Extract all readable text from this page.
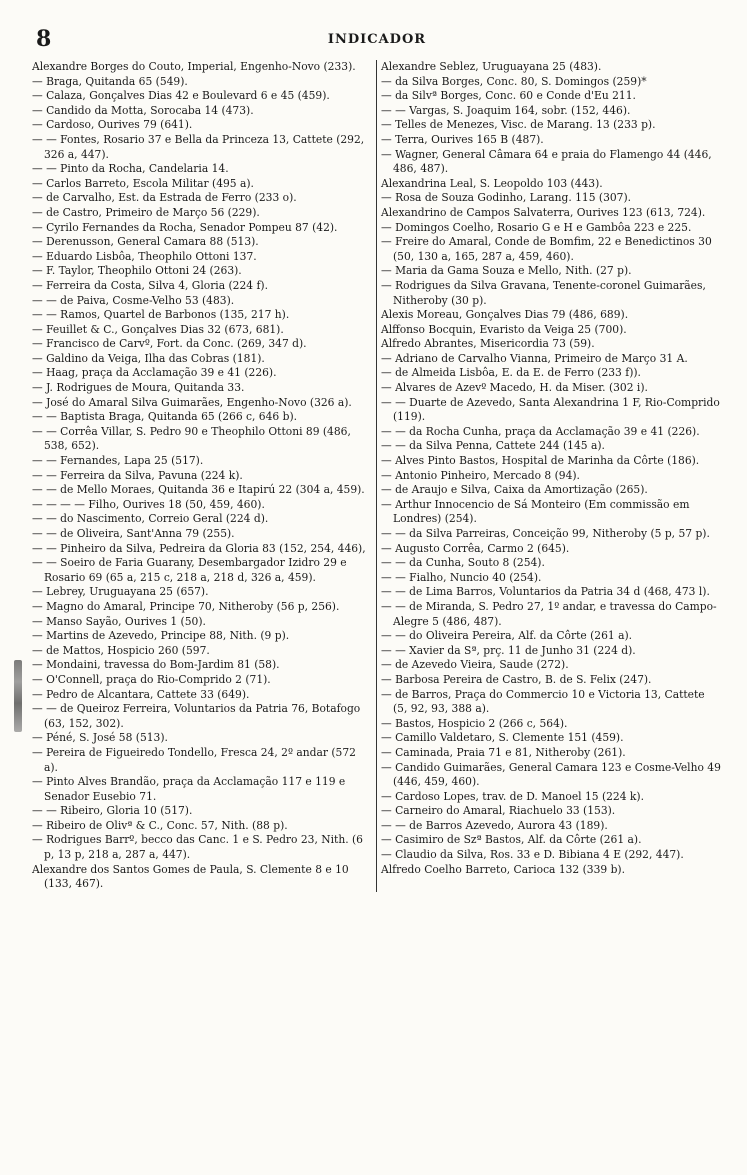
8	INDICADOR
Alexandre Borges do Couto, Imperial, Engenho-Novo (233).
— Braga, Quitanda 65 (549).
— Calaza, Gonçalves Dias 42 e Boulevard 6 e 45 (459).
— Candido da Motta, Sorocaba 14 (473).
— Cardoso, Ourives 79 (641).
— — Fontes, Rosario 37 e Bella da Princeza 13, Cattete (292, 326 a, 447).
— — Pinto da Rocha, Candelaria 14.
— Carlos Barreto, Escola Militar (495 a).
— de Carvalho, Est. da Estrada de Ferro (233 o).
— de Castro, Primeiro de Março 56 (229).
— Cyrilo Fernandes da Rocha, Senador Pompeu 87 (42).
— Derenusson, General Camara 88 (513).
— Eduardo Lisbôa, Theophilo Ottoni 137.
— F. Taylor, Theophilo Ottoni 24 (263).
— Ferreira da Costa, Silva 4, Gloria (224 f).
— — de Paiva, Cosme-Velho 53 (483).
— — Ramos, Quartel de Barbonos (135, 217 h).
— Feuillet & C., Gonçalves Dias 32 (673, 681).
— Francisco de Carvº, Fort. da Conc. (269, 347 d).
— Galdino da Veiga, Ilha das Cobras (181).
— Haag, praça da Acclamação 39 e 41 (226).
— J. Rodrigues de Moura, Quitanda 33.
— José do Amaral Silva Guimarães, Engenho-Novo (326 a).
— — Baptista Braga, Quitanda 65 (266 c, 646 b).
— — Corrêa Villar, S. Pedro 90 e Theophilo Ottoni 89 (486, 538, 652).
— — Fernandes, Lapa 25 (517).
— — Ferreira da Silva, Pavuna (224 k).
— — de Mello Moraes, Quitanda 36 e Itapirú 22 (304 a, 459).
— — — — Filho, Ourives 18 (50, 459, 460).
— — do Nascimento, Correio Geral (224 d).
— — de Oliveira, Sant'Anna 79 (255).
— — Pinheiro da Silva, Pedreira da Gloria 83 (152, 254, 446),
— — Soeiro de Faria Guarany, Desembargador Izidro 29 e Rosario 69 (65 a, 215 c, 218 a, 218 d, 326 a, 459).
— Lebrey, Uruguayana 25 (657).
— Magno do Amaral, Principe 70, Nitheroby (56 p, 256).
— Manso Sayão, Ourives 1 (50).
— Martins de Azevedo, Principe 88, Nith. (9 p).
— de Mattos, Hospicio 260 (597.
— Mondaini, travessa do Bom-Jardim 81 (58).
— O'Connell, praça do Rio-Comprido 2 (71).
— Pedro de Alcantara, Cattete 33 (649).
— — de Queiroz Ferreira, Voluntarios da Patria 76, Botafogo (63, 152, 302).
— Péné, S. José 58 (513).
— Pereira de Figueiredo Tondello, Fresca 24, 2º andar (572 a).
— Pinto Alves Brandão, praça da Acclamação 117 e 119 e Senador Eusebio 71.
— — Ribeiro, Gloria 10 (517).
— Ribeiro de Olivª & C., Conc. 57, Nith. (88 p).
— Rodrigues Barrº, becco das Canc. 1 e S. Pedro 23, Nith. (6 p, 13 p, 218 a, 287 a, 447).
Alexandre dos Santos Gomes de Paula, S. Clemente 8 e 10 (133, 467).
Alexandre Seblez, Uruguayana 25 (483).
— da Silva Borges, Conc. 80, S. Domingos (259)*
— da Silvª Borges, Conc. 60 e Conde d'Eu 211.
— — Vargas, S. Joaquim 164, sobr. (152, 446).
— Telles de Menezes, Visc. de Marang. 13 (233 p).
— Terra, Ourives 165 B (487).
— Wagner, General Câmara 64 e praia do Flamengo 44 (446, 486, 487).
Alexandrina Leal, S. Leopoldo 103 (443).
— Rosa de Souza Godinho, Larang. 115 (307).
Alexandrino de Campos Salvaterra, Ourives 123 (613, 724).
— Domingos Coelho, Rosario G e H e Gambôa 223 e 225.
— Freire do Amaral, Conde de Bomfim, 22 e Benedictinos 30 (50, 130 a, 165, 287 a, 459, 460).
— Maria da Gama Souza e Mello, Nith. (27 p).
— Rodrigues da Silva Gravana, Tenente-coronel Guimarães, Nitheroby (30 p).
Alexis Moreau, Gonçalves Dias 79 (486, 689).
Alffonso Bocquin, Evaristo da Veiga 25 (700).
Alfredo Abrantes, Misericordia 73 (59).
— Adriano de Carvalho Vianna, Primeiro de Março 31 A.
— de Almeida Lisbôa, E. da E. de Ferro (233 f)).
— Alvares de Azevº Macedo, H. da Miser. (302 i).
— — Duarte de Azevedo, Santa Alexandrina 1 F, Rio-Comprido (119).
— — da Rocha Cunha, praça da Acclamação 39 e 41 (226).
— — da Silva Penna, Cattete 244 (145 a).
— Alves Pinto Bastos, Hospital de Marinha da Côrte (186).
— Antonio Pinheiro, Mercado 8 (94).
— de Araujo e Silva, Caixa da Amortização (265).
— Arthur Innocencio de Sá Monteiro (Em commissão em Londres) (254).
— — da Silva Parreiras, Conceição 99, Nitheroby (5 p, 57 p).
— Augusto Corrêa, Carmo 2 (645).
— — da Cunha, Souto 8 (254).
— — Fialho, Nuncio 40 (254).
— — de Lima Barros, Voluntarios da Patria 34 d (468, 473 l).
— — de Miranda, S. Pedro 27, 1º andar, e travessa do Campo-Alegre 5 (486, 487).
— — do Oliveira Pereira, Alf. da Côrte (261 a).
— — Xavier da Sª, prç. 11 de Junho 31 (224 d).
— de Azevedo Vieira, Saude (272).
— Barbosa Pereira de Castro, B. de S. Felix (247).
— de Barros, Praça do Commercio 10 e Victoria 13, Cattete (5, 92, 93, 388 a).
— Bastos, Hospicio 2 (266 c, 564).
— Camillo Valdetaro, S. Clemente 151 (459).
— Caminada, Praia 71 e 81, Nitheroby (261).
— Candido Guimarães, General Camara 123 e Cosme-Velho 49 (446, 459, 460).
— Cardoso Lopes, trav. de D. Manoel 15 (224 k).
— Carneiro do Amaral, Riachuelo 33 (153).
— — de Barros Azevedo, Aurora 43 (189).
— Casimiro de Szª Bastos, Alf. da Côrte (261 a).
— Claudio da Silva, Ros. 33 e D. Bibiana 4 E (292, 447).
Alfredo Coelho Barreto, Carioca 132 (339 b).
